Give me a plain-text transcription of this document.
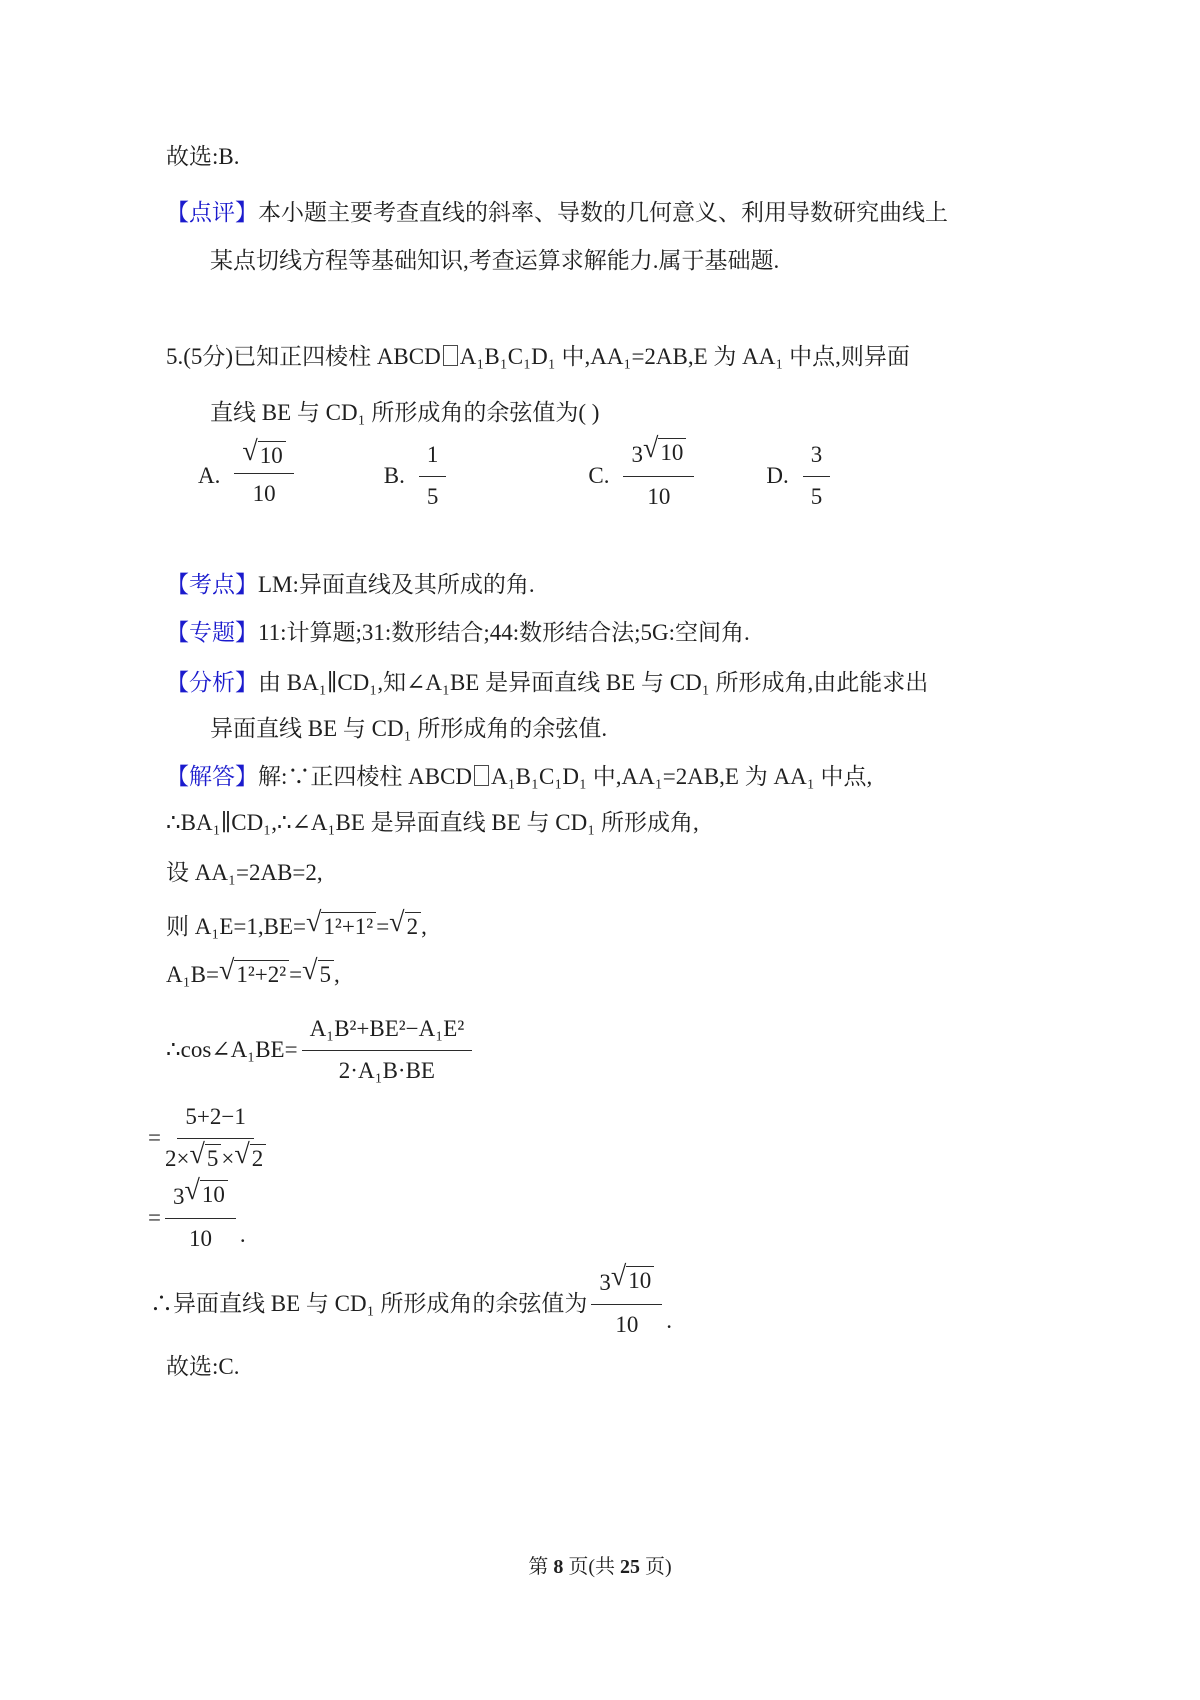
故选:B.
【点评】本小题主要考查直线的斜率、导数的几何意义、利用导数研究曲线上
某点切线方程等基础知识,考查运算求解能力.属于基础题.
5.(5分)已知正四棱柱 ABCD A₁B₁C₁D₁ 中,AA₁=2AB,E 为 AA₁ 中点,则异面
直线 BE 与 CD₁ 所形成角的余弦值为( )
A. $\frac{√ 10}{10}$	B. $\frac{1}{5}$	C. $\frac{3 √ 10}{10}$	D. $\frac{3}{5}$
【考点】LM:异面直线及其所成的角.
【专题】11:计算题;31:数形结合;44:数形结合法;5G:空间角.
【分析】由 BA₁∥CD₁,知∠A₁BE 是异面直线 BE 与 CD₁ 所形成角,由此能求出
异面直线 BE 与 CD₁ 所形成角的余弦值.
【解答】解:∵正四棱柱 ABCD A₁B₁C₁D₁ 中,AA₁=2AB,E 为 AA₁ 中点,
∴BA₁∥CD₁,∴∠A₁BE 是异面直线 BE 与 CD₁ 所形成角,
设 AA₁=2AB=2,
则 A₁E=1,BE= √ 1²+1² = √ 2 ,
A₁B= √ 1²+2² = √ 5 ,
∴cos∠A₁BE= $\frac{\text{A₁B²+BE²−A₁E²}}{\text{2·A₁B·BE}}$
= $\frac{5+2-1}{2\times √ 5 \times √ 2}$
= $\frac{3 √ 10}{10}$ .
∴异面直线 BE 与 CD₁ 所形成角的余弦值为 $\frac{3 √ 10}{10}$ .
故选:C.
第 8 页(共 25 页)
